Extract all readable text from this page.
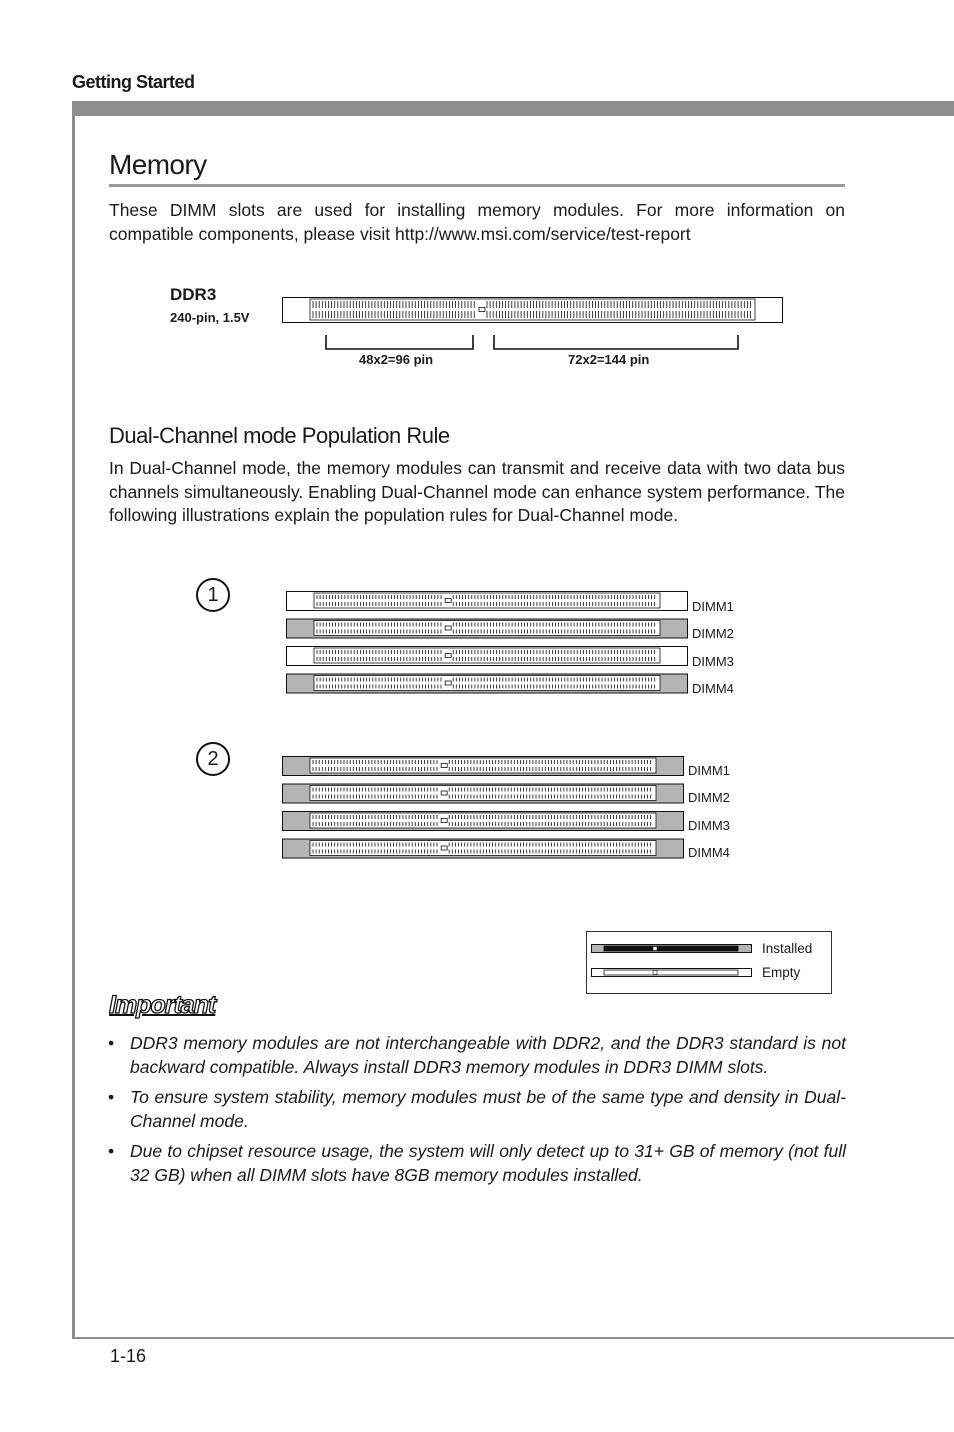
Getting Started
Memory
These DIMM slots are used for installing memory modules. For more information on compatible components, please visit http://www.msi.com/service/test-report
DDR3
240-pin, 1.5V
48x2=96 pin	72x2=144 pin
Dual-Channel mode Population Rule
In Dual-Channel mode, the memory modules can transmit and receive data with two data bus channels simultaneously. Enabling Dual-Channel mode can enhance system performance. The following illustrations explain the population rules for Dual-Channel mode.
1
2
DIMM1
DIMM2
DIMM3
DIMM4
DIMM1
DIMM2
DIMM3
DIMM4
Installed
Empty
Important
• DDR3 memory modules are not interchangeable with DDR2, and the DDR3 standard is not backward compatible. Always install DDR3 memory modules in DDR3 DIMM slots.
• To ensure system stability, memory modules must be of the same type and density in Dual-Channel mode.
• Due to chipset resource usage, the system will only detect up to 31+ GB of memory (not full 32 GB) when all DIMM slots have 8GB memory modules installed.
1-16
